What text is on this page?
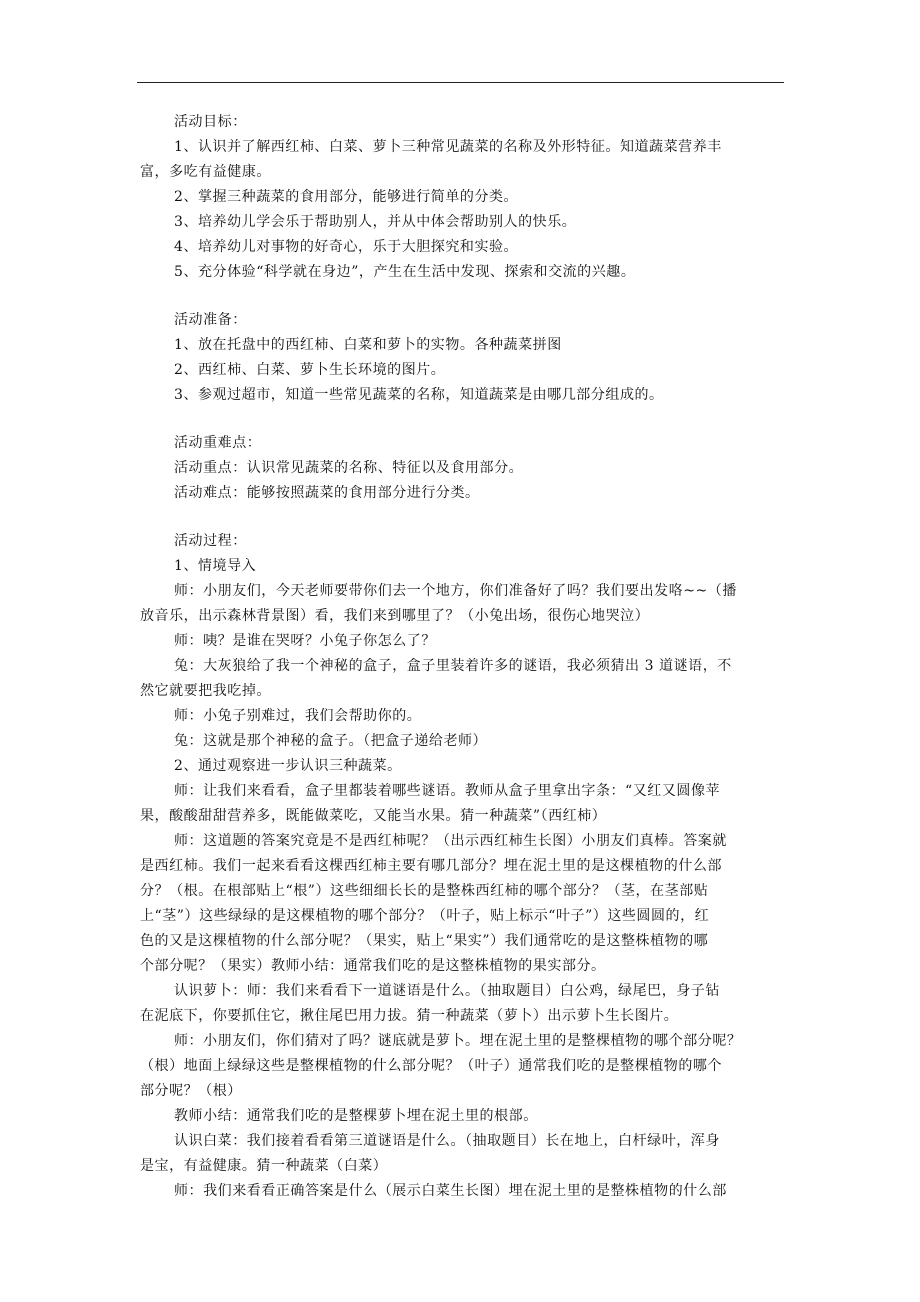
活动目标：
1、认识并了解西红柿、白菜、萝卜三种常见蔬菜的名称及外形特征。知道蔬菜营养丰
富，多吃有益健康。
2、掌握三种蔬菜的食用部分，能够进行简单的分类。
3、培养幼儿学会乐于帮助别人，并从中体会帮助别人的快乐。
4、培养幼儿对事物的好奇心，乐于大胆探究和实验。
5、充分体验“科学就在身边”，产生在生活中发现、探索和交流的兴趣。
活动准备：
1、放在托盘中的西红柿、白菜和萝卜的实物。各种蔬菜拼图
2、西红柿、白菜、萝卜生长环境的图片。
3、参观过超市，知道一些常见蔬菜的名称，知道蔬菜是由哪几部分组成的。
活动重难点：
活动重点：认识常见蔬菜的名称、特征以及食用部分。
活动难点：能够按照蔬菜的食用部分进行分类。
活动过程：
1、情境导入
师：小朋友们，今天老师要带你们去一个地方，你们准备好了吗？我们要出发咯~~（播
放音乐，出示森林背景图）看，我们来到哪里了？（小兔出场，很伤心地哭泣）
师：咦？是谁在哭呀？小兔子你怎么了？
兔：大灰狼给了我一个神秘的盒子，盒子里装着许多的谜语，我必须猜出 3 道谜语，不
然它就要把我吃掉。
师：小兔子别难过，我们会帮助你的。
兔：这就是那个神秘的盒子。（把盒子递给老师）
2、通过观察进一步认识三种蔬菜。
师：让我们来看看，盒子里都装着哪些谜语。教师从盒子里拿出字条：“又红又圆像苹
果，酸酸甜甜营养多，既能做菜吃，又能当水果。猜一种蔬菜”（西红柿）
师：这道题的答案究竟是不是西红柿呢？（出示西红柿生长图）小朋友们真棒。答案就
是西红柿。我们一起来看看这棵西红柿主要有哪几部分？埋在泥土里的是这棵植物的什么部
分？（根。在根部贴上“根”）这些细细长长的是整株西红柿的哪个部分？（茎，在茎部贴
上“茎”）这些绿绿的是这棵植物的哪个部分？（叶子，贴上标示“叶子”）这些圆圆的，红
色的又是这棵植物的什么部分呢？（果实，贴上“果实”）我们通常吃的是这整株植物的哪
个部分呢？（果实）教师小结：通常我们吃的是这整株植物的果实部分。
认识萝卜：师：我们来看看下一道谜语是什么。（抽取题目）白公鸡，绿尾巴，身子钻
在泥底下，你要抓住它，揪住尾巴用力拔。猜一种蔬菜（萝卜）出示萝卜生长图片。
师：小朋友们，你们猜对了吗？谜底就是萝卜。埋在泥土里的是整棵植物的哪个部分呢？
（根）地面上绿绿这些是整棵植物的什么部分呢？（叶子）通常我们吃的是整棵植物的哪个
部分呢？（根）
教师小结：通常我们吃的是整棵萝卜埋在泥土里的根部。
认识白菜：我们接着看看第三道谜语是什么。（抽取题目）长在地上，白杆绿叶，浑身
是宝，有益健康。猜一种蔬菜（白菜）
师：我们来看看正确答案是什么（展示白菜生长图）埋在泥土里的是整株植物的什么部
